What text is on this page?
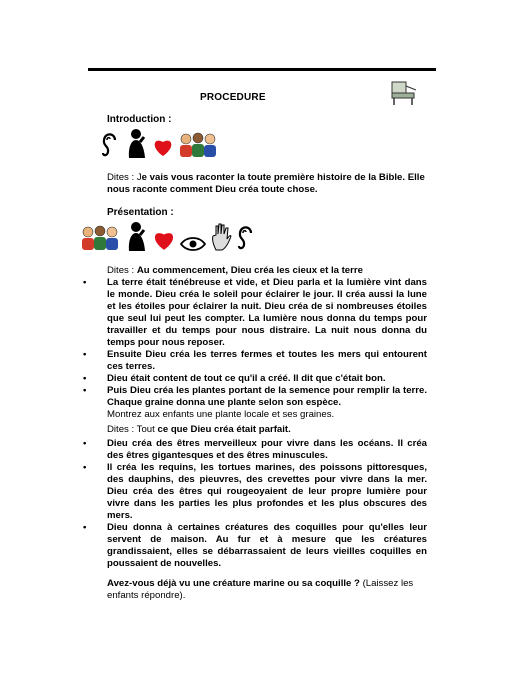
PROCEDURE
Introduction :
Dites : Je vais vous raconter la toute première histoire de la Bible. Elle nous raconte comment Dieu créa toute chose.
Présentation :
Dites : Au commencement, Dieu créa les cieux et la terre
• La terre était ténébreuse et vide, et Dieu parla et la lumière vint dans le monde. Dieu créa le soleil pour éclairer le jour. Il créa aussi la lune et les étoiles pour éclairer la nuit. Dieu créa de si nombreuses étoiles que seul lui peut les compter. La lumière nous donna du temps pour travailler et du temps pour nous distraire. La nuit nous donna du temps pour nous reposer.
• Ensuite Dieu créa les terres fermes et toutes les mers qui entourent ces terres.
• Dieu était content de tout ce qu'il a créé. Il dit que c'était bon.
• Puis Dieu créa les plantes portant de la semence pour remplir la terre. Chaque graine donna une plante selon son espèce.
Montrez aux enfants une plante locale et ses graines.
Dites : Tout ce que Dieu créa était parfait.
• Dieu créa des êtres merveilleux pour vivre dans les océans. Il créa des êtres gigantesques et des êtres minuscules.
• Il créa les requins, les tortues marines, des poissons pittoresques, des dauphins, des pieuvres, des crevettes pour vivre dans la mer. Dieu créa des êtres qui rougeoyaient de leur propre lumière pour vivre dans les parties les plus profondes et les plus obscures des mers.
• Dieu donna à certaines créatures des coquilles pour qu'elles leur servent de maison. Au fur et à mesure que les créatures grandissaient, elles se débarrassaient de leurs vieilles coquilles en poussaient de nouvelles.
Avez-vous déjà vu une créature marine ou sa coquille ? (Laissez les enfants répondre).
